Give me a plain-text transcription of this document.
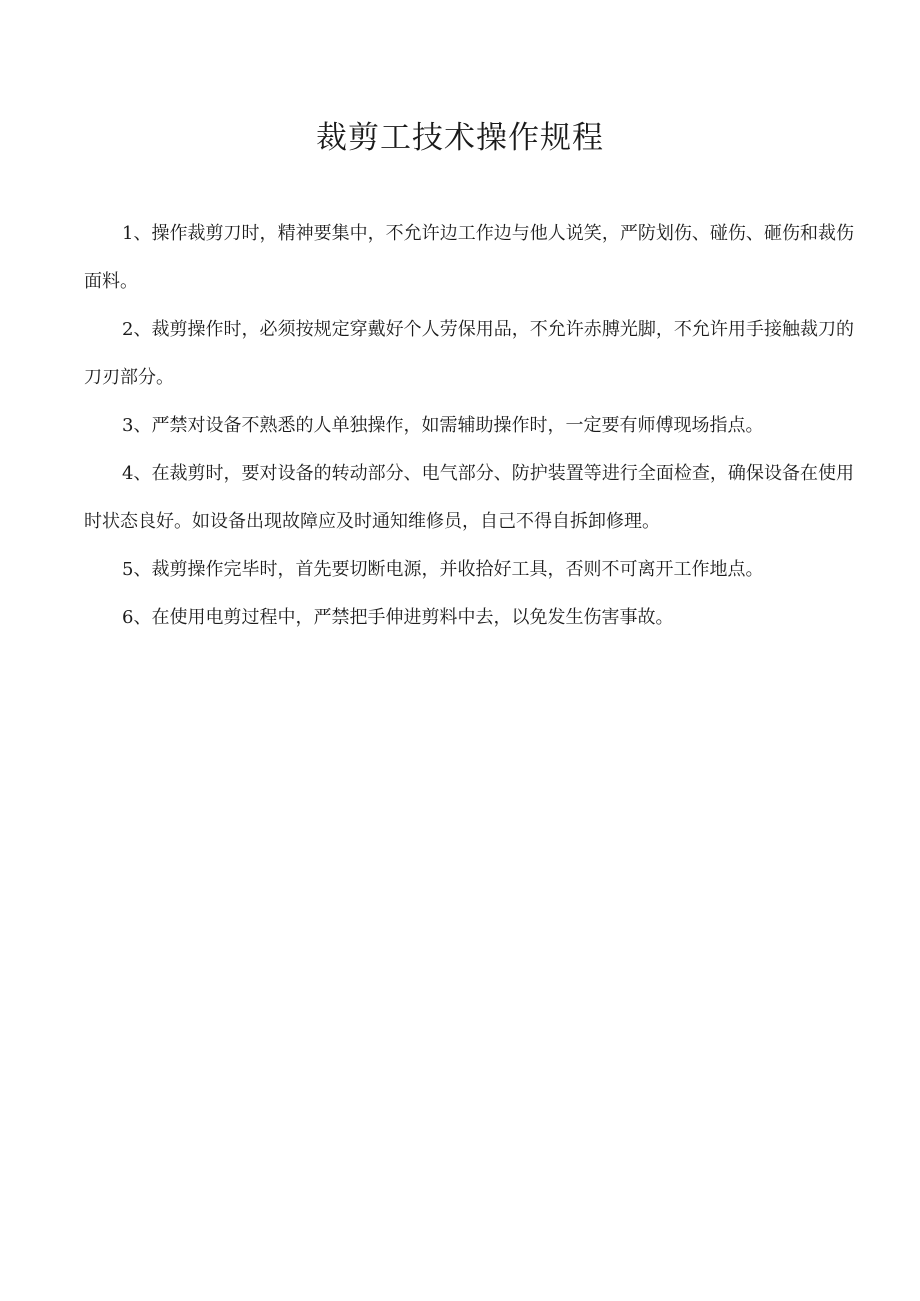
裁剪工技术操作规程

1、操作裁剪刀时，精神要集中，不允许边工作边与他人说笑，严防划伤、碰伤、砸伤和裁伤面料。

2、裁剪操作时，必须按规定穿戴好个人劳保用品，不允许赤膊光脚，不允许用手接触裁刀的刀刃部分。

3、严禁对设备不熟悉的人单独操作，如需辅助操作时，一定要有师傅现场指点。

4、在裁剪时，要对设备的转动部分、电气部分、防护装置等进行全面检查，确保设备在使用时状态良好。如设备出现故障应及时通知维修员，自己不得自拆卸修理。

5、裁剪操作完毕时，首先要切断电源，并收拾好工具，否则不可离开工作地点。

6、在使用电剪过程中，严禁把手伸进剪料中去，以免发生伤害事故。
